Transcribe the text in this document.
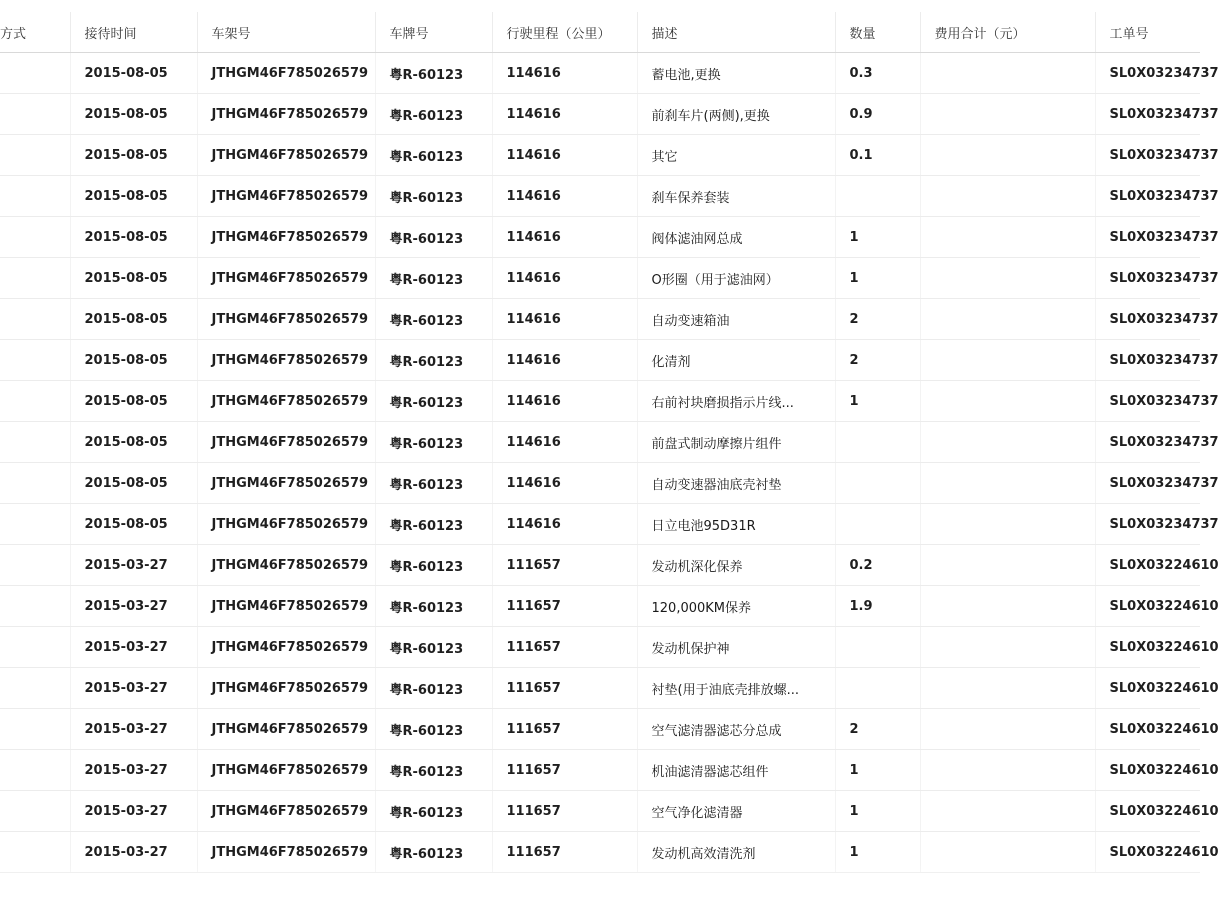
方式	接待时间	车架号	车牌号	行驶里程（公里）	描述	数量	费用合计（元）	工单号
	2015-08-05	JTHGM46F785026579	粤R-60123	114616	蓄电池,更换	0.3		SL0X03234737
	2015-08-05	JTHGM46F785026579	粤R-60123	114616	前刹车片(两侧),更换	0.9		SL0X03234737
	2015-08-05	JTHGM46F785026579	粤R-60123	114616	其它	0.1		SL0X03234737
	2015-08-05	JTHGM46F785026579	粤R-60123	114616	刹车保养套装			SL0X03234737
	2015-08-05	JTHGM46F785026579	粤R-60123	114616	阀体滤油网总成	1		SL0X03234737
	2015-08-05	JTHGM46F785026579	粤R-60123	114616	O形圈（用于滤油网）	1		SL0X03234737
	2015-08-05	JTHGM46F785026579	粤R-60123	114616	自动变速箱油	2		SL0X03234737
	2015-08-05	JTHGM46F785026579	粤R-60123	114616	化清剂	2		SL0X03234737
	2015-08-05	JTHGM46F785026579	粤R-60123	114616	右前衬块磨损指示片线...	1		SL0X03234737
	2015-08-05	JTHGM46F785026579	粤R-60123	114616	前盘式制动摩擦片组件			SL0X03234737
	2015-08-05	JTHGM46F785026579	粤R-60123	114616	自动变速器油底壳衬垫			SL0X03234737
	2015-08-05	JTHGM46F785026579	粤R-60123	114616	日立电池95D31R			SL0X03234737
	2015-03-27	JTHGM46F785026579	粤R-60123	111657	发动机深化保养	0.2		SL0X03224610
	2015-03-27	JTHGM46F785026579	粤R-60123	111657	120,000KM保养	1.9		SL0X03224610
	2015-03-27	JTHGM46F785026579	粤R-60123	111657	发动机保护神			SL0X03224610
	2015-03-27	JTHGM46F785026579	粤R-60123	111657	衬垫(用于油底壳排放螺...			SL0X03224610
	2015-03-27	JTHGM46F785026579	粤R-60123	111657	空气滤清器滤芯分总成	2		SL0X03224610
	2015-03-27	JTHGM46F785026579	粤R-60123	111657	机油滤清器滤芯组件	1		SL0X03224610
	2015-03-27	JTHGM46F785026579	粤R-60123	111657	空气净化滤清器	1		SL0X03224610
	2015-03-27	JTHGM46F785026579	粤R-60123	111657	发动机高效清洗剂	1		SL0X03224610
